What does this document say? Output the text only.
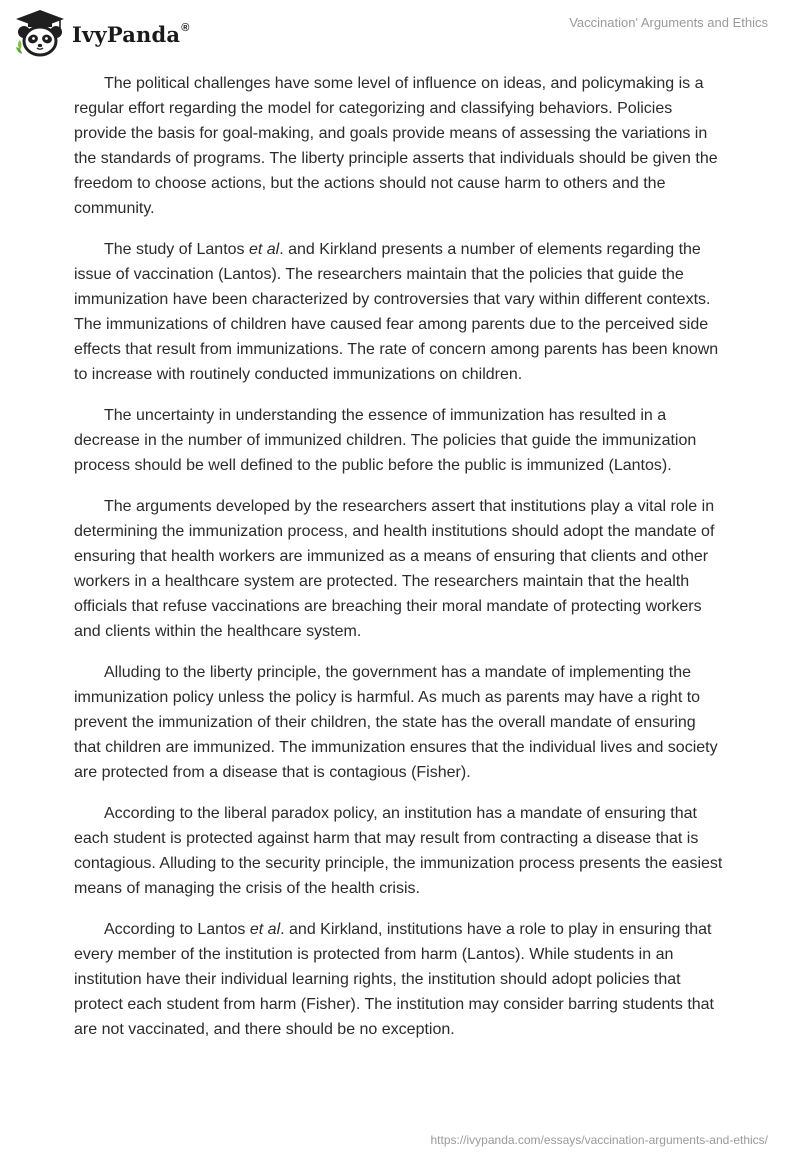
IvyPanda®	Vaccination' Arguments and Ethics

The political challenges have some level of influence on ideas, and policymaking is a regular effort regarding the model for categorizing and classifying behaviors. Policies provide the basis for goal-making, and goals provide means of assessing the variations in the standards of programs. The liberty principle asserts that individuals should be given the freedom to choose actions, but the actions should not cause harm to others and the community.

The study of Lantos et al. and Kirkland presents a number of elements regarding the issue of vaccination (Lantos). The researchers maintain that the policies that guide the immunization have been characterized by controversies that vary within different contexts. The immunizations of children have caused fear among parents due to the perceived side effects that result from immunizations. The rate of concern among parents has been known to increase with routinely conducted immunizations on children.

The uncertainty in understanding the essence of immunization has resulted in a decrease in the number of immunized children. The policies that guide the immunization process should be well defined to the public before the public is immunized (Lantos).

The arguments developed by the researchers assert that institutions play a vital role in determining the immunization process, and health institutions should adopt the mandate of ensuring that health workers are immunized as a means of ensuring that clients and other workers in a healthcare system are protected. The researchers maintain that the health officials that refuse vaccinations are breaching their moral mandate of protecting workers and clients within the healthcare system.

Alluding to the liberty principle, the government has a mandate of implementing the immunization policy unless the policy is harmful. As much as parents may have a right to prevent the immunization of their children, the state has the overall mandate of ensuring that children are immunized. The immunization ensures that the individual lives and society are protected from a disease that is contagious (Fisher).

According to the liberal paradox policy, an institution has a mandate of ensuring that each student is protected against harm that may result from contracting a disease that is contagious. Alluding to the security principle, the immunization process presents the easiest means of managing the crisis of the health crisis.

According to Lantos et al. and Kirkland, institutions have a role to play in ensuring that every member of the institution is protected from harm (Lantos). While students in an institution have their individual learning rights, the institution should adopt policies that protect each student from harm (Fisher). The institution may consider barring students that are not vaccinated, and there should be no exception.

https://ivypanda.com/essays/vaccination-arguments-and-ethics/
